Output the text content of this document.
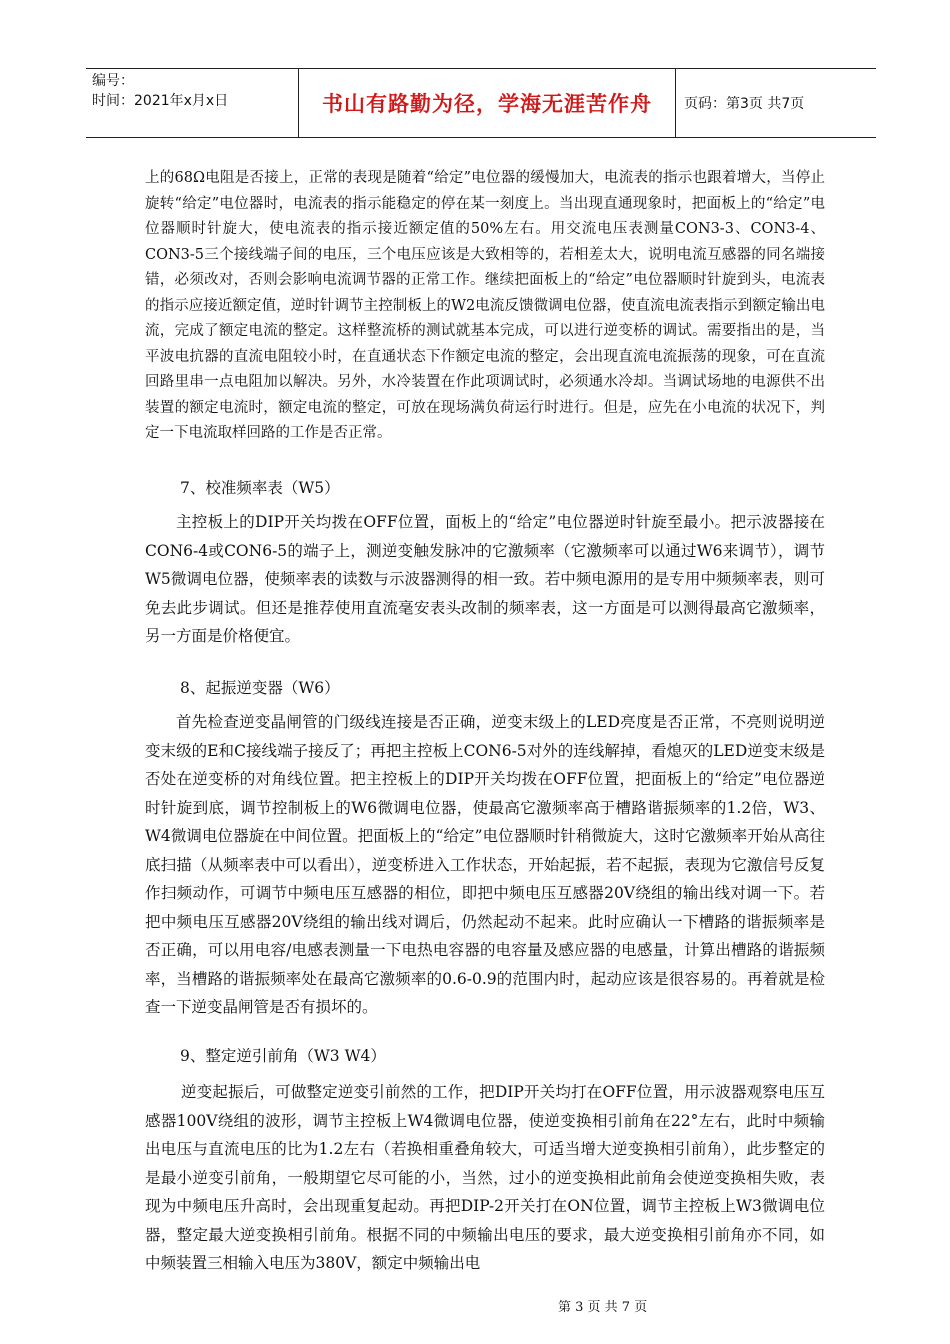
编号：
时间：2021年x月x日	书山有路勤为径，学海无涯苦作舟	页码：第3页 共7页
上的68Ω电阻是否接上，正常的表现是随着“给定”电位器的缓慢加大，电流表的指示也跟着增大，当停止旋转“给定”电位器时，电流表的指示能稳定的停在某一刻度上。当出现直通现象时，把面板上的“给定”电位器顺时针旋大，使电流表的指示接近额定值的50%左右。用交流电压表测量CON3-3、CON3-4、CON3-5三个接线端子间的电压，三个电压应该是大致相等的，若相差太大，说明电流互感器的同名端接错，必须改对，否则会影响电流调节器的正常工作。继续把面板上的“给定”电位器顺时针旋到头，电流表的指示应接近额定值，逆时针调节主控制板上的W2电流反馈微调电位器，使直流电流表指示到额定输出电流，完成了额定电流的整定。这样整流桥的测试就基本完成，可以进行逆变桥的调试。需要指出的是，当平波电抗器的直流电阻较小时，在直通状态下作额定电流的整定，会出现直流电流振荡的现象，可在直流回路里串一点电阻加以解决。另外，水冷装置在作此项调试时，必须通水冷却。当调试场地的电源供不出装置的额定电流时，额定电流的整定，可放在现场满负荷运行时进行。但是，应先在小电流的状况下，判定一下电流取样回路的工作是否正常。
7、校准频率表（W5）
主控板上的DIP开关均拨在OFF位置，面板上的“给定”电位器逆时针旋至最小。把示波器接在CON6-4或CON6-5的端子上，测逆变触发脉冲的它激频率（它激频率可以通过W6来调节），调节W5微调电位器，使频率表的读数与示波器测得的相一致。若中频电源用的是专用中频频率表，则可免去此步调试。但还是推荐使用直流毫安表头改制的频率表，这一方面是可以测得最高它激频率，另一方面是价格便宜。
8、起振逆变器（W6）
首先检查逆变晶闸管的门级线连接是否正确，逆变末级上的LED亮度是否正常，不亮则说明逆变末级的E和C接线端子接反了；再把主控板上CON6-5对外的连线解掉，看熄灭的LED逆变末级是否处在逆变桥的对角线位置。把主控板上的DIP开关均拨在OFF位置，把面板上的“给定”电位器逆时针旋到底，调节控制板上的W6微调电位器，使最高它激频率高于槽路谐振频率的1.2倍，W3、W4微调电位器旋在中间位置。把面板上的“给定”电位器顺时针稍微旋大，这时它激频率开始从高往底扫描（从频率表中可以看出），逆变桥进入工作状态，开始起振，若不起振，表现为它激信号反复作扫频动作，可调节中频电压互感器的相位，即把中频电压互感器20V绕组的输出线对调一下。若把中频电压互感器20V绕组的输出线对调后，仍然起动不起来。此时应确认一下槽路的谐振频率是否正确，可以用电容/电感表测量一下电热电容器的电容量及感应器的电感量，计算出槽路的谐振频率，当槽路的谐振频率处在最高它激频率的0.6-0.9的范围内时，起动应该是很容易的。再着就是检查一下逆变晶闸管是否有损坏的。
9、整定逆引前角（W3 W4）
逆变起振后，可做整定逆变引前然的工作，把DIP开关均打在OFF位置，用示波器观察电压互感器100V绕组的波形，调节主控板上W4微调电位器，使逆变换相引前角在22°左右，此时中频输出电压与直流电压的比为1.2左右（若换相重叠角较大，可适当增大逆变换相引前角），此步整定的是最小逆变引前角，一般期望它尽可能的小，当然，过小的逆变换相此前角会使逆变换相失败，表现为中频电压升高时，会出现重复起动。再把DIP-2开关打在ON位置，调节主控板上W3微调电位器，整定最大逆变换相引前角。根据不同的中频输出电压的要求，最大逆变换相引前角亦不同，如中频装置三相输入电压为380V，额定中频输出电
第 3 页 共 7 页
